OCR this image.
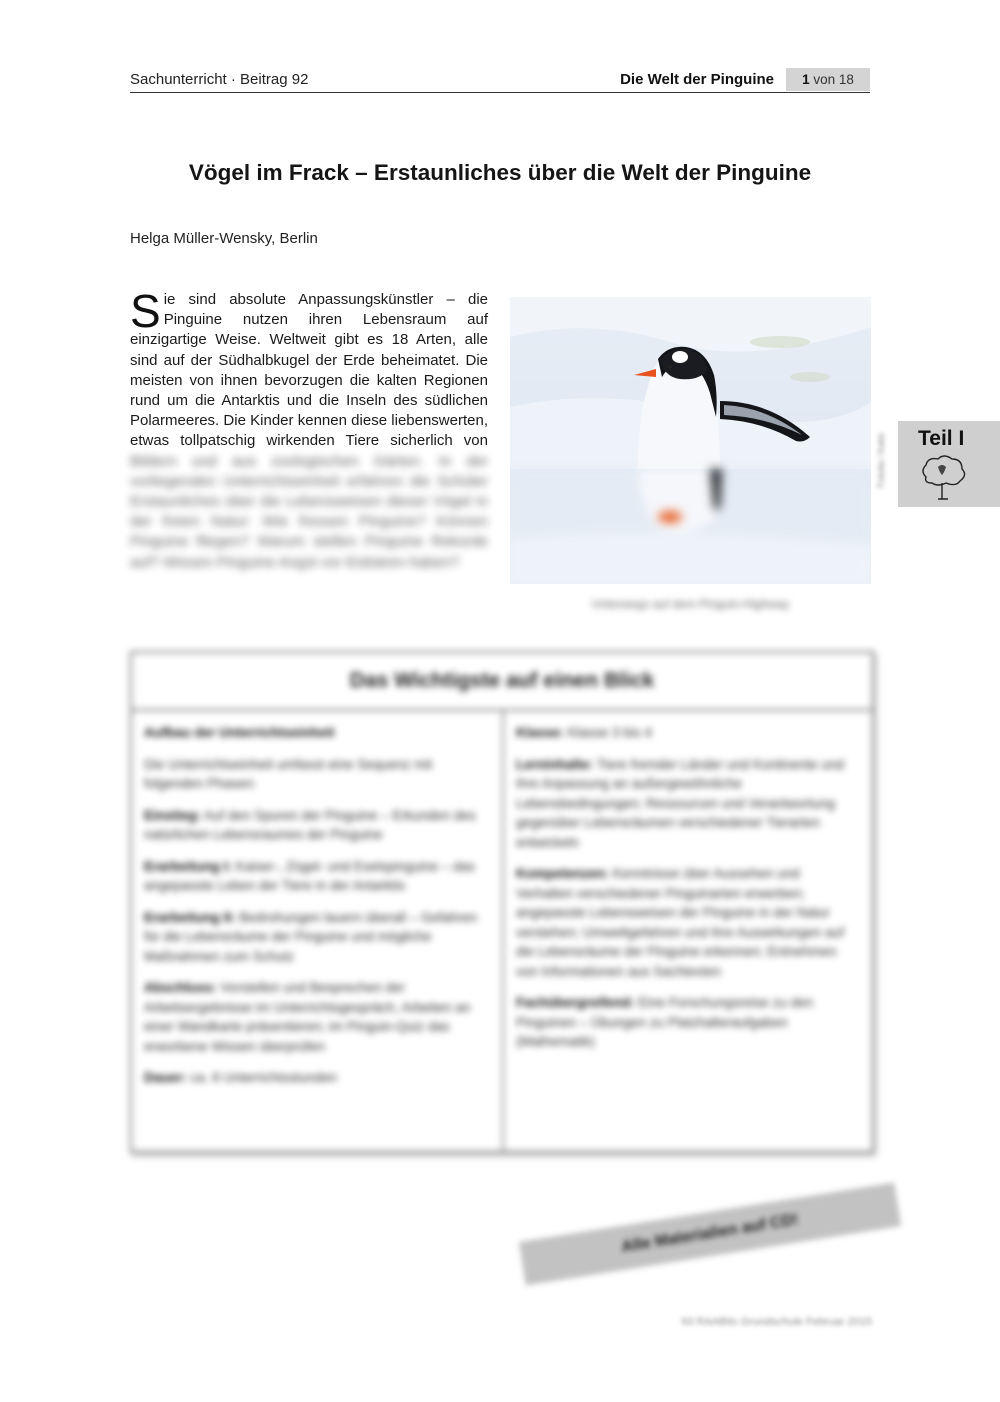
Sachunterricht · Beitrag 92	Die Welt der Pinguine	1 von 18
Vögel im Frack – Erstaunliches über die Welt der Pinguine
Helga Müller-Wensky, Berlin
Sie sind absolute Anpassungskünstler – die Pinguine nutzen ihren Lebensraum auf einzigartige Weise. Weltweit gibt es 18 Arten, alle sind auf der Südhalbkugel der Erde beheimatet. Die meisten von ihnen bevorzugen die kalten Regionen rund um die Antarktis und die Inseln des südlichen Polarmeeres. Die Kinder kennen diese liebenswerten, etwas tollpatschig wirkenden Tiere sicherlich von Bildern und aus zoologischen Gärten. In der vorliegenden Unterrichtseinheit erfahren die Schüler Erstaunliches über die Lebensweisen dieser Vögel in der freien Natur: Wie fressen Pinguine? Können Pinguine fliegen? Warum stellen Pinguine Rekorde auf? Wissen Pinguine Angst vor Eisbären haben?
Fotolia / Kaito
Unterwegs auf dem Pinguin-Highway
Teil I
Das Wichtigste auf einen Blick

Aufbau der Unterrichtseinheit

Die Unterrichtseinheit umfasst eine Sequenz mit folgenden Phasen:

Einstieg: Auf den Spuren der Pinguine – Erkunden des natürlichen Lebensraumes der Pinguine

Erarbeitung I: Kaiser-, Zügel- und Eselspinguine – das angepasste Leben der Tiere in der Antarktis

Erarbeitung II: Bedrohungen lauern überall – Gefahren für die Lebensräume der Pinguine und mögliche Maßnahmen zum Schutz

Abschluss: Vorstellen und Besprechen der Arbeitsergebnisse im Unterrichtsgespräch, Arbeiten an einer Wandkarte präsentieren; im Pinguin-Quiz das erworbene Wissen überprüfen

Dauer: ca. 8 Unterrichtsstunden

Klasse: Klasse 3 bis 4

Lerninhalte: Tiere fremder Länder und Kontinente und ihre Anpassung an außergewöhnliche Lebensbedingungen; Ressourcen und Verantwortung gegenüber Lebensräumen verschiedener Tierarten entwickeln

Kompetenzen: Kenntnisse über Aussehen und Verhalten verschiedener Pinguinarten erwerben; angepasste Lebensweisen der Pinguine in der Natur verstehen; Umweltgefahren und ihre Auswirkungen auf die Lebensräume der Pinguine erkennen; Entnehmen von Informationen aus Sachtexten

Fachübergreifend: Eine Forschungsreise zu den Pinguinen – Übungen zu Platzhalteraufgaben (Mathematik)

Alle Materialien auf CD!
93 RAABits Grundschule Februar 2015
